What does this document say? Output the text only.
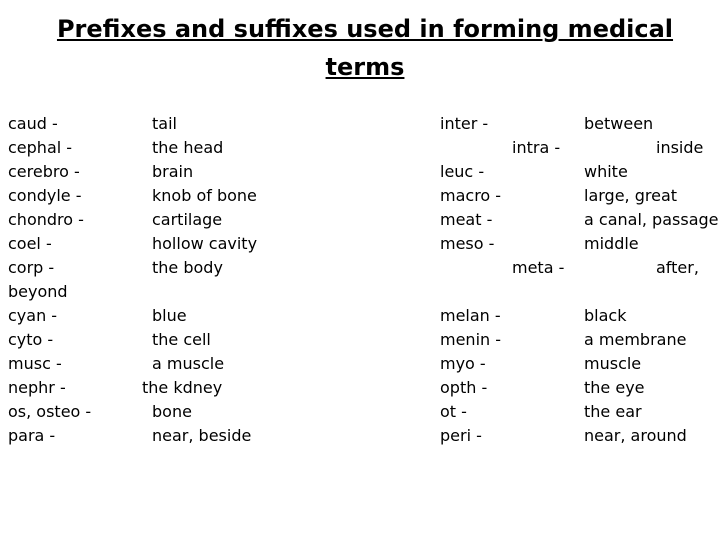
Prefixes and suffixes used in forming medical terms
caud -
cephal -
cerebro -
condyle -
chondro -
coel -
corp -
beyond
cyan -
cyto -
musc -
nephr -
os, osteo -
para -
tail
the head
brain
knob of bone
cartilage
hollow cavity
the body
blue
the cell
a muscle
the kdney
bone
near, beside
inter -
intra -
leuc -
macro -
meat -
meso -
meta -
melan -
menin -
myo -
opth -
ot -
peri -
between
inside
white
large, great
a canal, passage
middle
after,
black
a membrane
muscle
the eye
the ear
near, around
